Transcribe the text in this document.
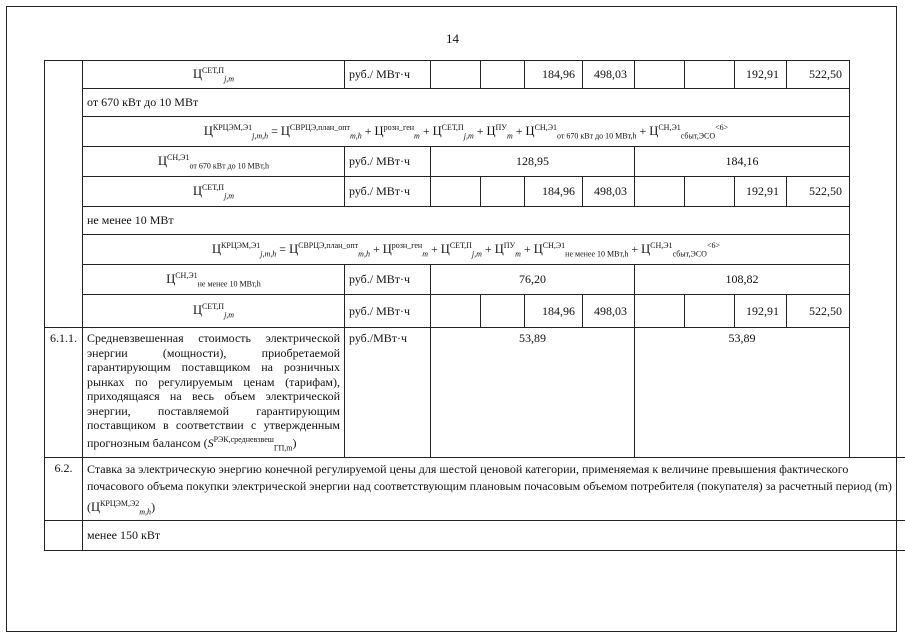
14
	$Ц^{СЕТ,П}_{j,m}$	руб./ МВт·ч			184,96	498,03			192,91	522,50
	от 670 кВт до 10 МВт									
	$Ц^{КРЦЭМ,Э1}_{j,m,h} = Ц^{СВРЦЭ,план\_опт}_{m,h} + Ц^{розн\_ген}_m + Ц^{СЕТ,П}_{j,m} + Ц^{ПУ}_m + Ц^{СН,Э1}_{от 670 кВт до 10 МВт,h} + Ц^{СН,Э1}_{сбыт,ЭСО}^{<6>}$
	$Ц^{СН,Э1}_{от 670 кВт до 10 МВт,h}$	руб./ МВт·ч	128,95				184,16			
	$Ц^{СЕТ,П}_{j,m}$	руб./ МВт·ч			184,96	498,03			192,91	522,50
	не менее 10 МВт									
	$Ц^{КРЦЭМ,Э1}_{j,m,h} = Ц^{СВРЦЭ,план\_опт}_{m,h} + Ц^{розн\_ген}_m + Ц^{СЕТ,П}_{j,m} + Ц^{ПУ}_m + Ц^{СН,Э1}_{не менее 10 МВт,h} + Ц^{СН,Э1}_{сбыт,ЭСО}^{<6>}$
	$Ц^{СН,Э1}_{не менее 10 МВт,h}$	руб./ МВт·ч	76,20				108,82			
	$Ц^{СЕТ,П}_{j,m}$	руб./ МВт·ч			184,96	498,03			192,91	522,50
6.1.1.	Средневзвешенная стоимость электрической энергии (мощности), приобретаемой гарантирующим поставщиком на розничных рынках по регулируемым ценам (тарифам), приходящаяся на весь объем электрической энергии, поставляемой гарантирующим поставщиком в соответствии с утвержденным прогнозным балансом $(S^{РЭК,средневзвеш}_{ГП,m})$	руб./МВт·ч	53,89				53,89			
6.2.	Ставка за электрическую энергию конечной регулируемой цены для шестой ценовой категории, применяемая к величине превышения фактического почасового объема покупки электрической энергии над соответствующим плановым почасовым объемом потребителя (покупателя) за расчетный период (m) $(Ц^{КРЦЭМ,Э2}_{m,h})$									
	менее 150 кВт									
